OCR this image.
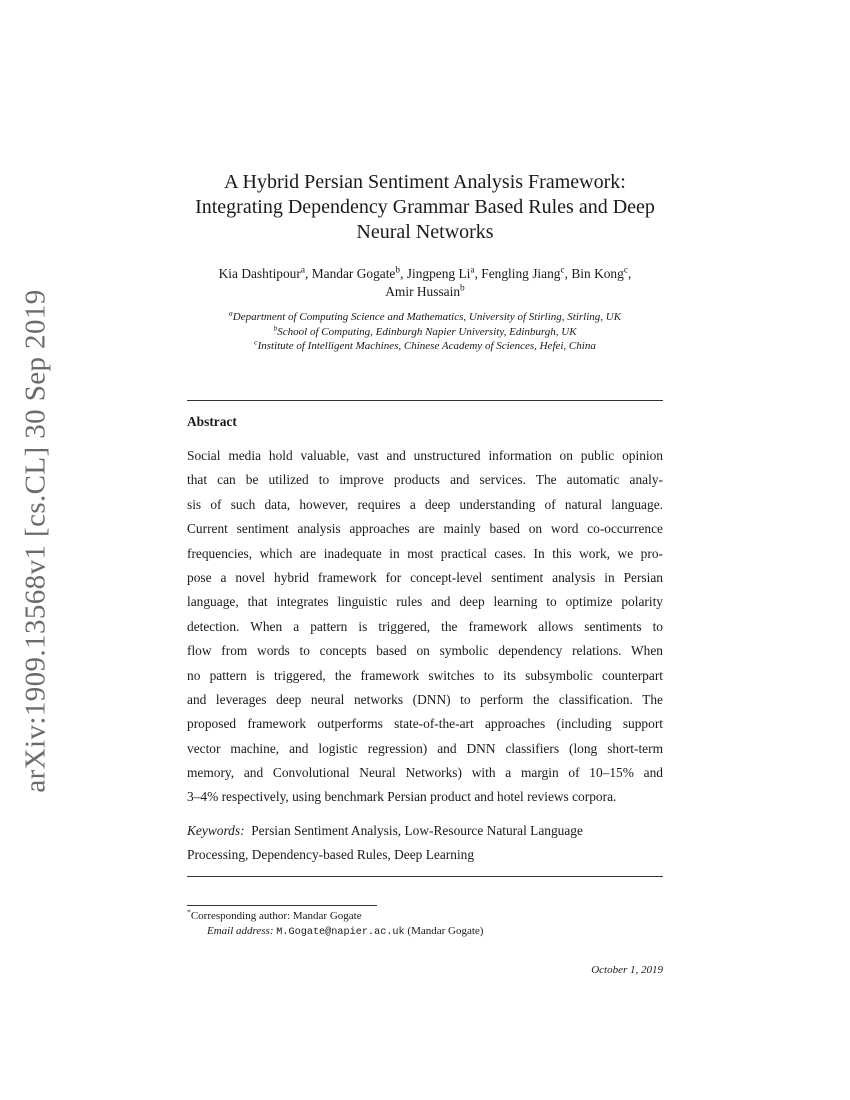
arXiv:1909.13568v1 [cs.CL] 30 Sep 2019
A Hybrid Persian Sentiment Analysis Framework:
Integrating Dependency Grammar Based Rules and Deep
Neural Networks
Kia Dashtipour$^a$, Mandar Gogate$^b$, Jingpeng Li$^a$, Fengling Jiang$^c$, Bin Kong$^c$,
Amir Hussain$^b$
$^a$Department of Computing Science and Mathematics, University of Stirling, Stirling, UK
$^b$School of Computing, Edinburgh Napier University, Edinburgh, UK
$^c$Institute of Intelligent Machines, Chinese Academy of Sciences, Hefei, China
Abstract
Social media hold valuable, vast and unstructured information on public opinion
that can be utilized to improve products and services. The automatic analy-
sis of such data, however, requires a deep understanding of natural language.
Current sentiment analysis approaches are mainly based on word co-occurrence
frequencies, which are inadequate in most practical cases. In this work, we pro-
pose a novel hybrid framework for concept-level sentiment analysis in Persian
language, that integrates linguistic rules and deep learning to optimize polarity
detection. When a pattern is triggered, the framework allows sentiments to
flow from words to concepts based on symbolic dependency relations. When
no pattern is triggered, the framework switches to its subsymbolic counterpart
and leverages deep neural networks (DNN) to perform the classification. The
proposed framework outperforms state-of-the-art approaches (including support
vector machine, and logistic regression) and DNN classifiers (long short-term
memory, and Convolutional Neural Networks) with a margin of 10–15% and
3–4% respectively, using benchmark Persian product and hotel reviews corpora.
Keywords: Persian Sentiment Analysis, Low-Resource Natural Language
Processing, Dependency-based Rules, Deep Learning
*Corresponding author: Mandar Gogate
Email address: M.Gogate@napier.ac.uk (Mandar Gogate)
October 1, 2019
